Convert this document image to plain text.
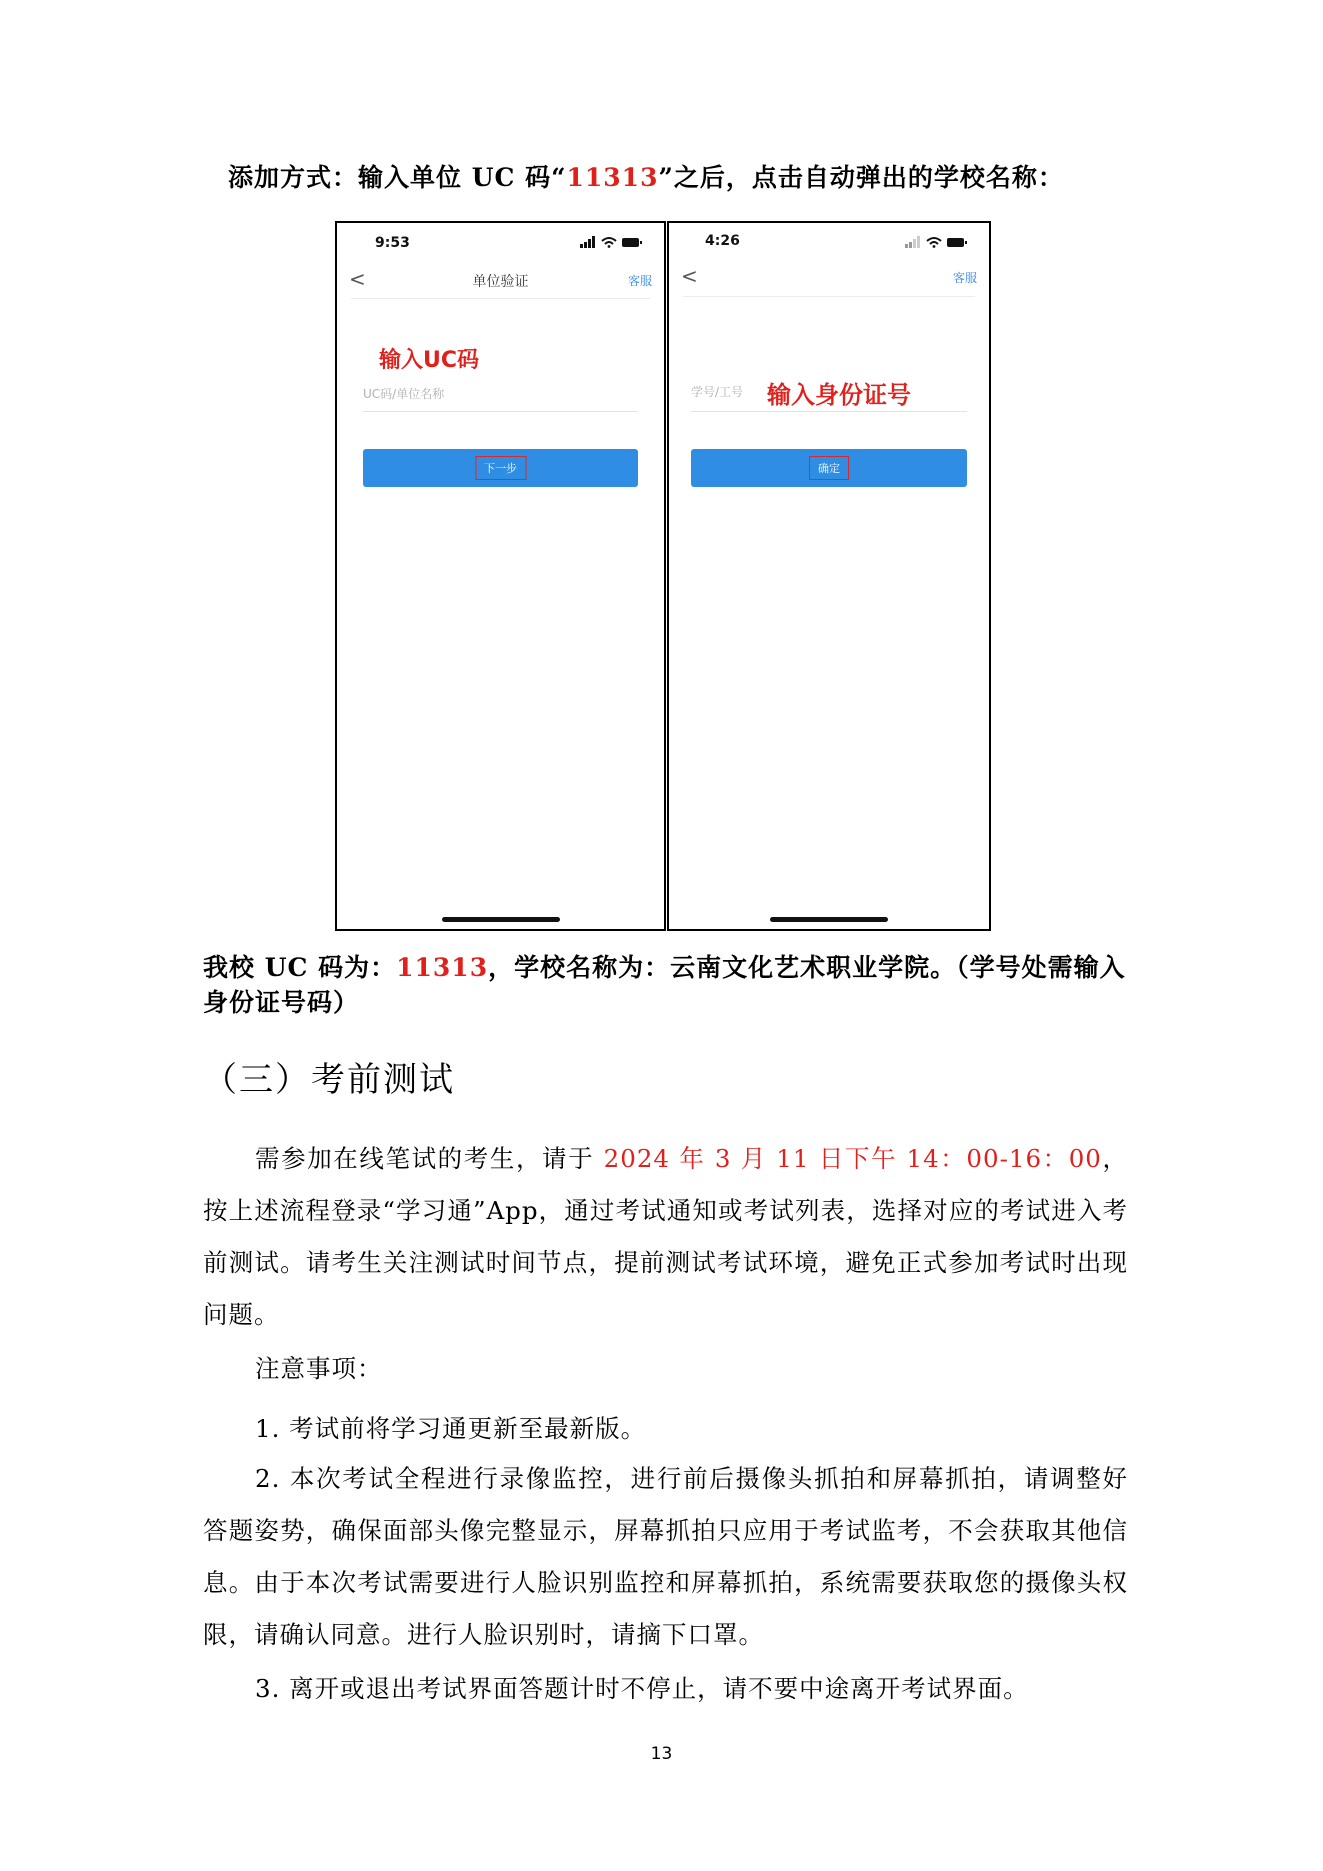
添加方式：输入单位 UC 码“11313”之后，点击自动弹出的学校名称：
9:53
<	单位验证	客服
输入UC码
UC码/单位名称
下一步
4:26
<	客服
学号/工号 输入身份证号
确定
我校 UC 码为：11313，学校名称为：云南文化艺术职业学院。（学号处需输入身份证号码）
（三）考前测试
需参加在线笔试的考生，请于 2024 年 3 月 11 日下午 14：00-16：00，按上述流程登录“学习通”App，通过考试通知或考试列表，选择对应的考试进入考前测试。请考生关注测试时间节点，提前测试考试环境，避免正式参加考试时出现问题。
注意事项：
1. 考试前将学习通更新至最新版。
2. 本次考试全程进行录像监控，进行前后摄像头抓拍和屏幕抓拍，请调整好答题姿势，确保面部头像完整显示，屏幕抓拍只应用于考试监考，不会获取其他信息。由于本次考试需要进行人脸识别监控和屏幕抓拍，系统需要获取您的摄像头权限，请确认同意。进行人脸识别时，请摘下口罩。
3. 离开或退出考试界面答题计时不停止，请不要中途离开考试界面。
13
